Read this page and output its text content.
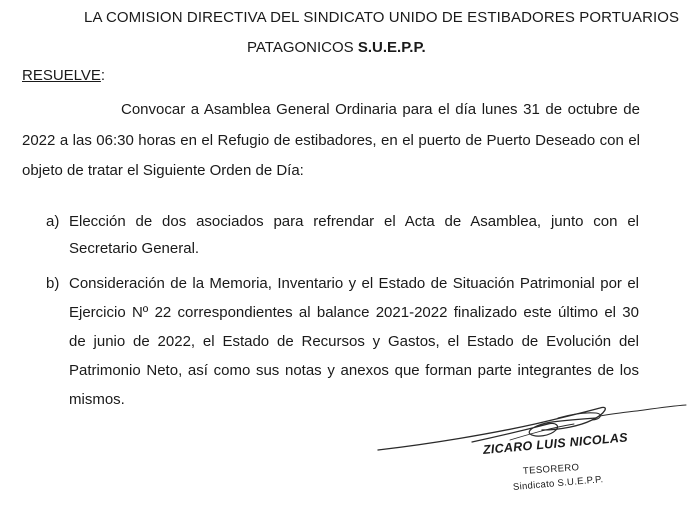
LA COMISION DIRECTIVA DEL SINDICATO UNIDO DE ESTIBADORES PORTUARIOS
PATAGONICOS S.U.E.P.P.
RESUELVE:
Convocar a Asamblea General Ordinaria para el día lunes 31 de octubre de
2022 a las 06:30 horas en el Refugio de estibadores, en el puerto de Puerto Deseado con el
objeto de tratar el Siguiente Orden de Día:
a) Elección de dos asociados para refrendar el Acta de Asamblea, junto con el
Secretario General.
b) Consideración de la Memoria, Inventario y el Estado de Situación Patrimonial por el
Ejercicio Nº 22 correspondientes al balance 2021-2022 finalizado este último el 30
de junio de 2022, el Estado de Recursos y Gastos, el Estado de Evolución del
Patrimonio Neto, así como sus notas y anexos que forman parte integrantes de los
mismos.
ZICARO LUIS NICOLAS
TESORERO
Sindicato S.U.E.P.P.
